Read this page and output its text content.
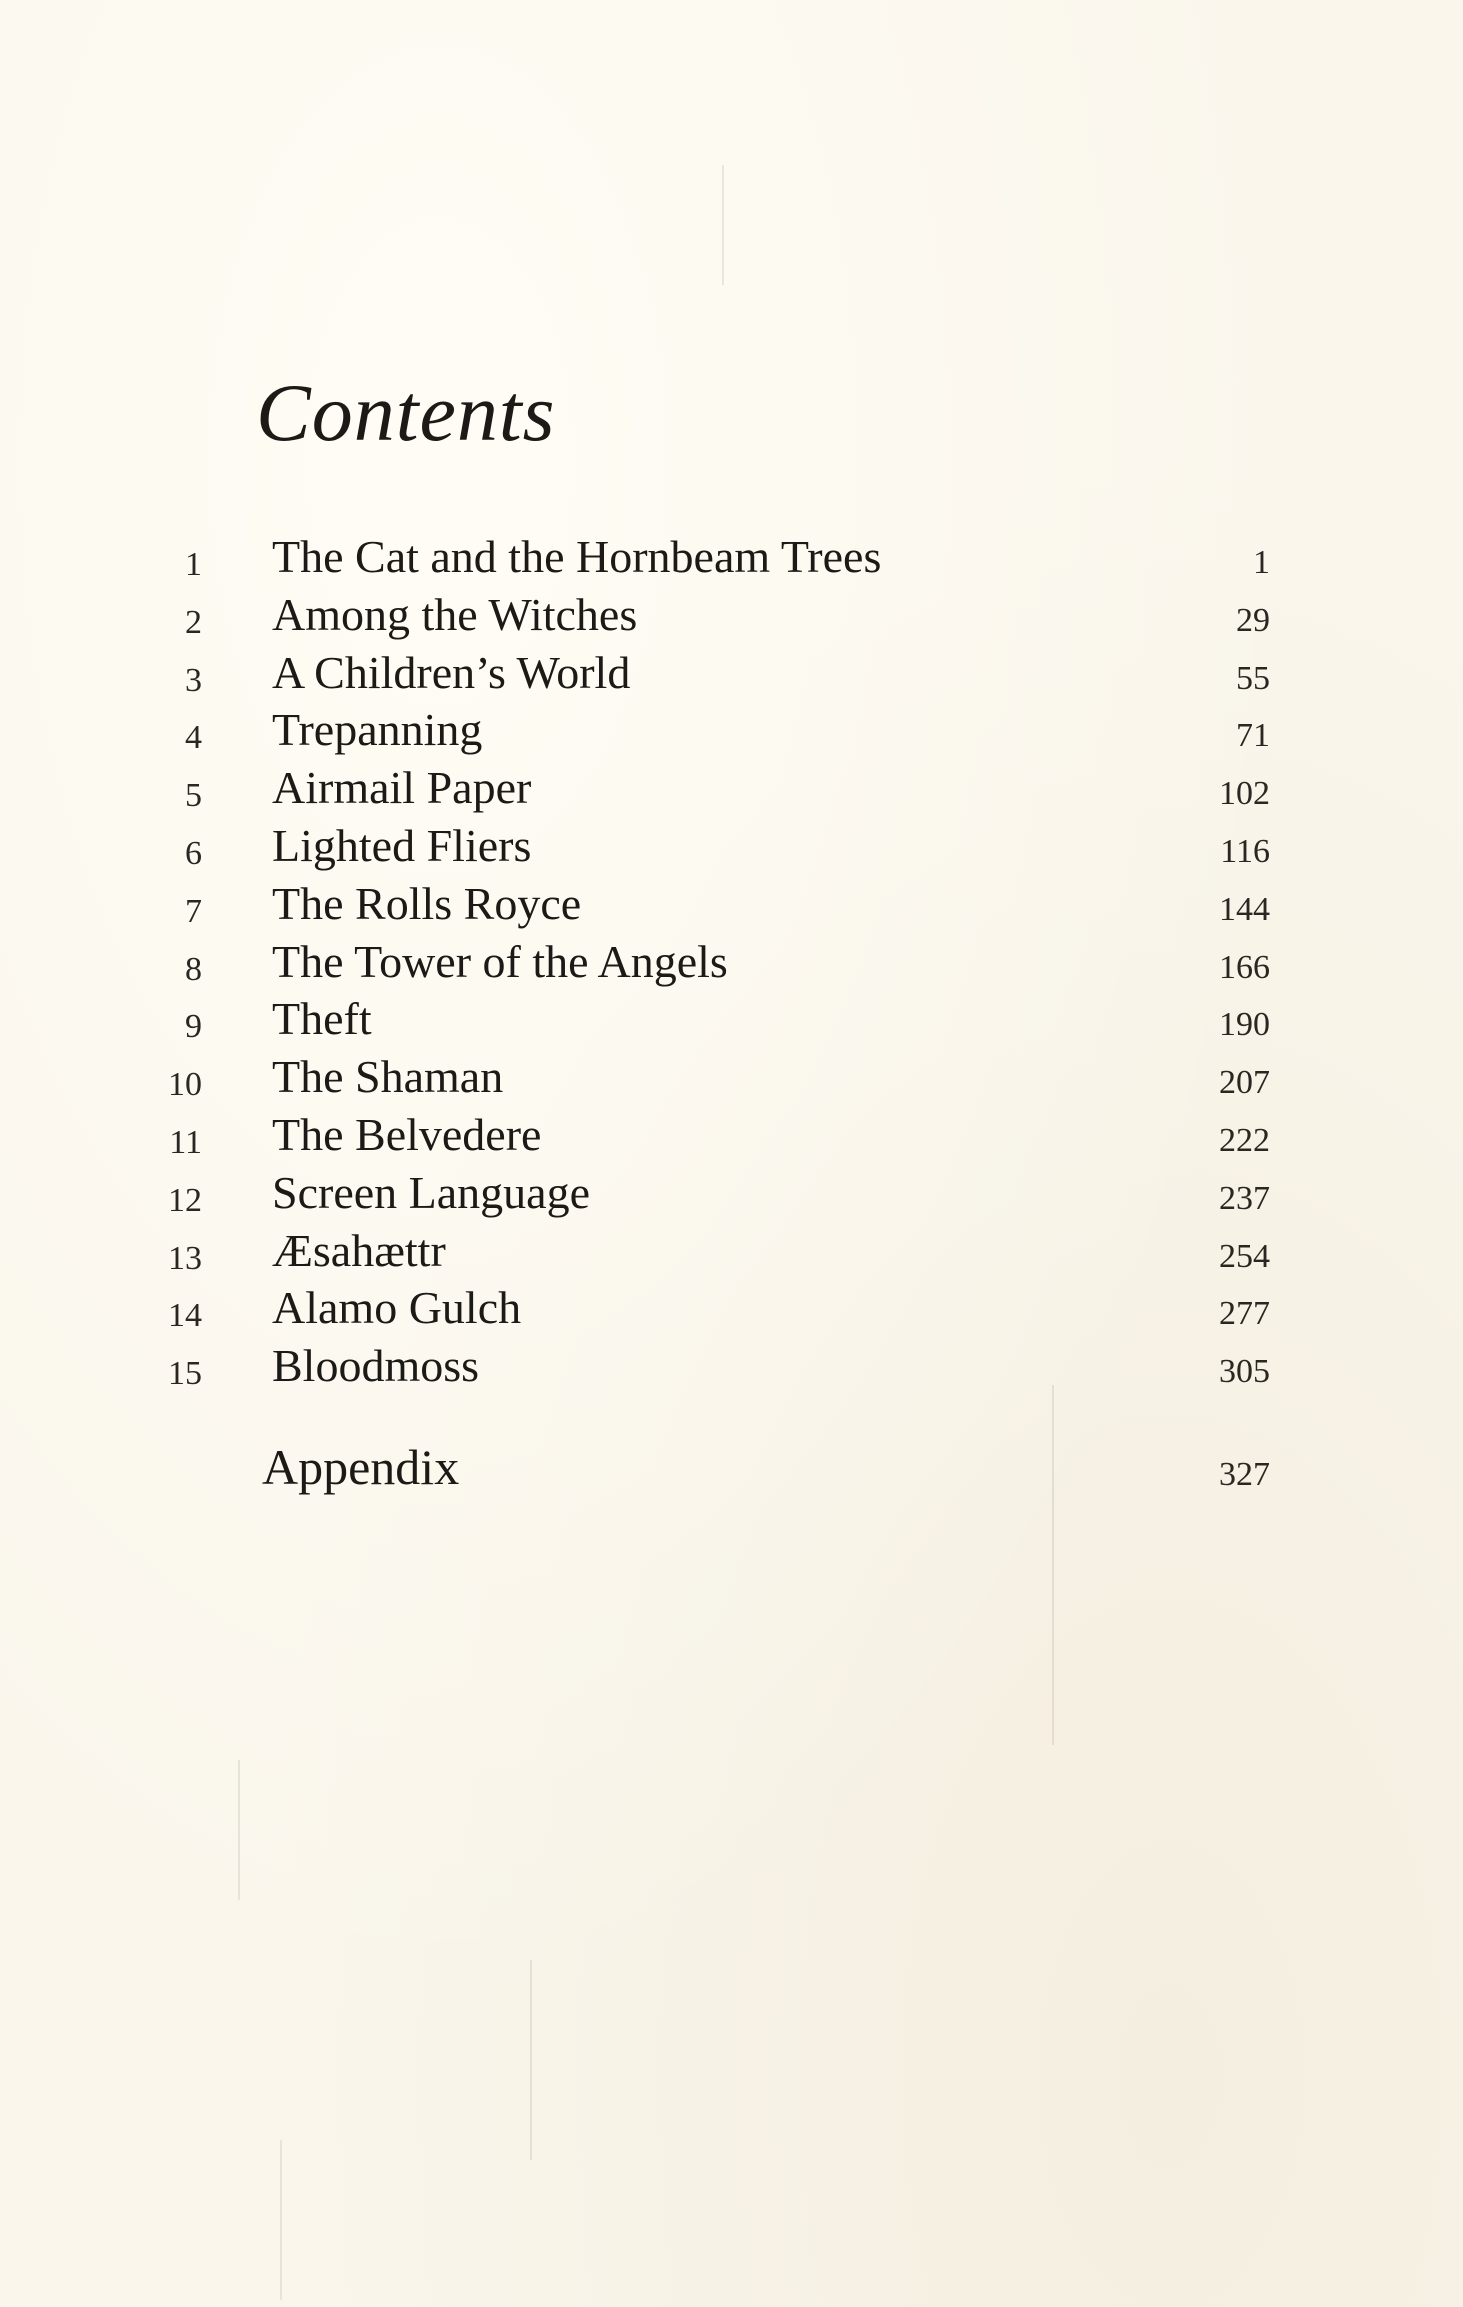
Contents
1 The Cat and the Hornbeam Trees	1
2 Among the Witches	29
3 A Children’s World	55
4 Trepanning	71
5 Airmail Paper	102
6 Lighted Fliers	116
7 The Rolls Royce	144
8 The Tower of the Angels	166
9 Theft	190
10 The Shaman	207
11 The Belvedere	222
12 Screen Language	237
13 Æsahættr	254
14 Alamo Gulch	277
15 Bloodmoss	305
Appendix	327
